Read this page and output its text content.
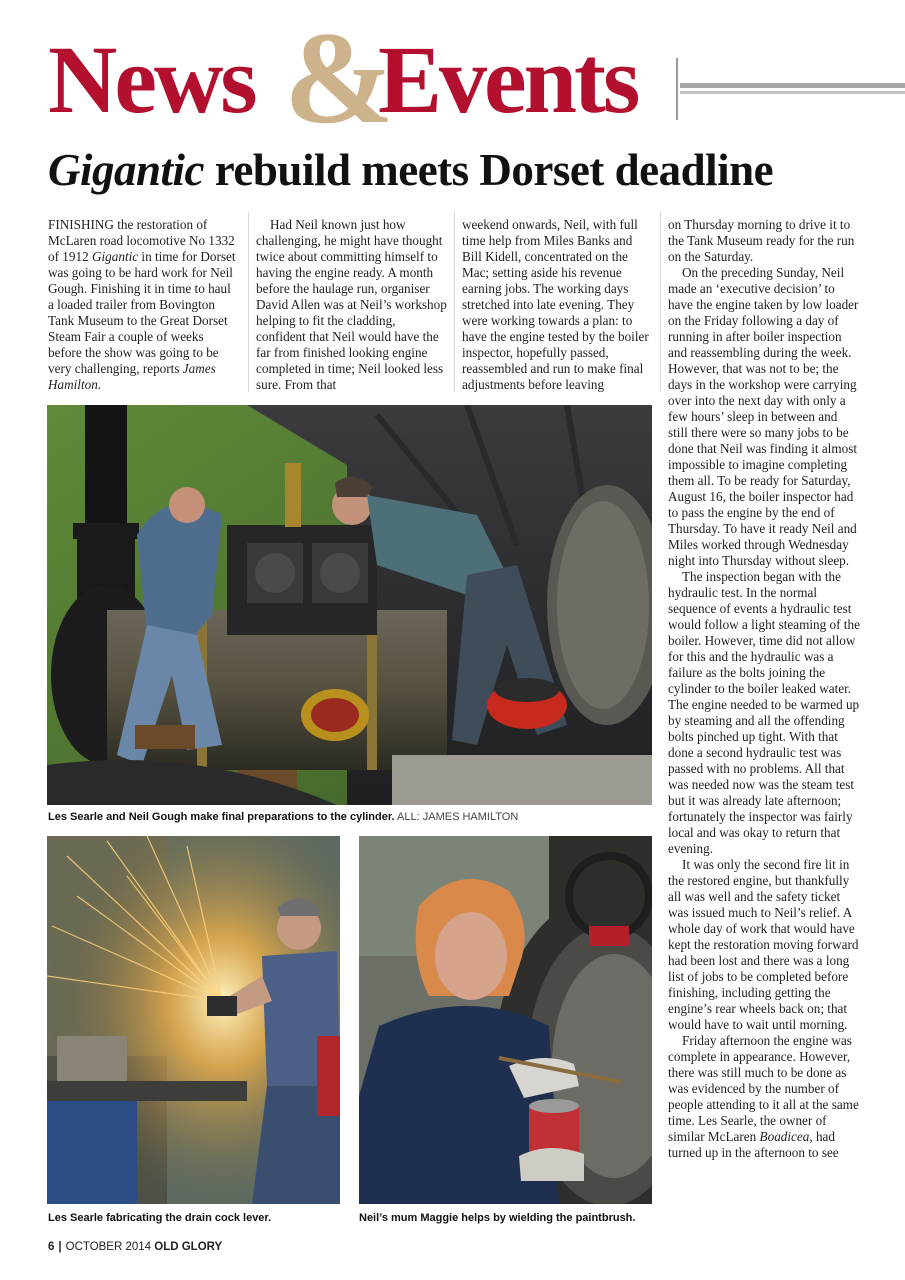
News &
Events
Gigantic rebuild meets Dorset deadline

FINISHING the restoration of McLaren road locomotive No 1332 of 1912 Gigantic in time for Dorset was going to be hard work for Neil Gough. Finishing it in time to haul a loaded trailer from Bovington Tank Museum to the Great Dorset Steam Fair a couple of weeks before the show was going to be very challenging, reports James Hamilton.

Had Neil known just how challenging, he might have thought twice about committing himself to having the engine ready. A month before the haulage run, organiser David Allen was at Neil’s workshop helping to fit the cladding, confident that Neil would have the far from finished looking engine completed in time; Neil looked less sure. From that

weekend onwards, Neil, with full time help from Miles Banks and Bill Kidell, concentrated on the Mac; setting aside his revenue earning jobs. The working days stretched into late evening. They were working towards a plan: to have the engine tested by the boiler inspector, hopefully passed, reassembled and run to make final adjustments before leaving

on Thursday morning to drive it to the Tank Museum ready for the run on the Saturday.

On the preceding Sunday, Neil made an ‘executive decision’ to have the engine taken by low loader on the Friday following a day of running in after boiler inspection and reassembling during the week. However, that was not to be; the days in the workshop were carrying over into the next day with only a few hours’ sleep in between and still there were so many jobs to be done that Neil was finding it almost impossible to imagine completing them all. To be ready for Saturday, August 16, the boiler inspector had to pass the engine by the end of Thursday. To have it ready Neil and Miles worked through Wednesday night into Thursday without sleep.

The inspection began with the hydraulic test. In the normal sequence of events a hydraulic test would follow a light steaming of the boiler. However, time did not allow for this and the hydraulic was a failure as the bolts joining the cylinder to the boiler leaked water. The engine needed to be warmed up by steaming and all the offending bolts pinched up tight. With that done a second hydraulic test was passed with no problems. All that was needed now was the steam test but it was already late afternoon; fortunately the inspector was fairly local and was okay to return that evening.

It was only the second fire lit in the restored engine, but thankfully all was well and the safety ticket was issued much to Neil’s relief. A whole day of work that would have kept the restoration moving forward had been lost and there was a long list of jobs to be completed before finishing, including getting the engine’s rear wheels back on; that would have to wait until morning.

Friday afternoon the engine was complete in appearance. However, there was still much to be done as was evidenced by the number of people attending to it all at the same time. Les Searle, the owner of similar McLaren Boadicea, had turned up in the afternoon to see

Les Searle and Neil Gough make final preparations to the cylinder. ALL: JAMES HAMILTON
Les Searle fabricating the drain cock lever.	Neil’s mum Maggie helps by wielding the paintbrush.
6 | OCTOBER 2014 OLD GLORY
